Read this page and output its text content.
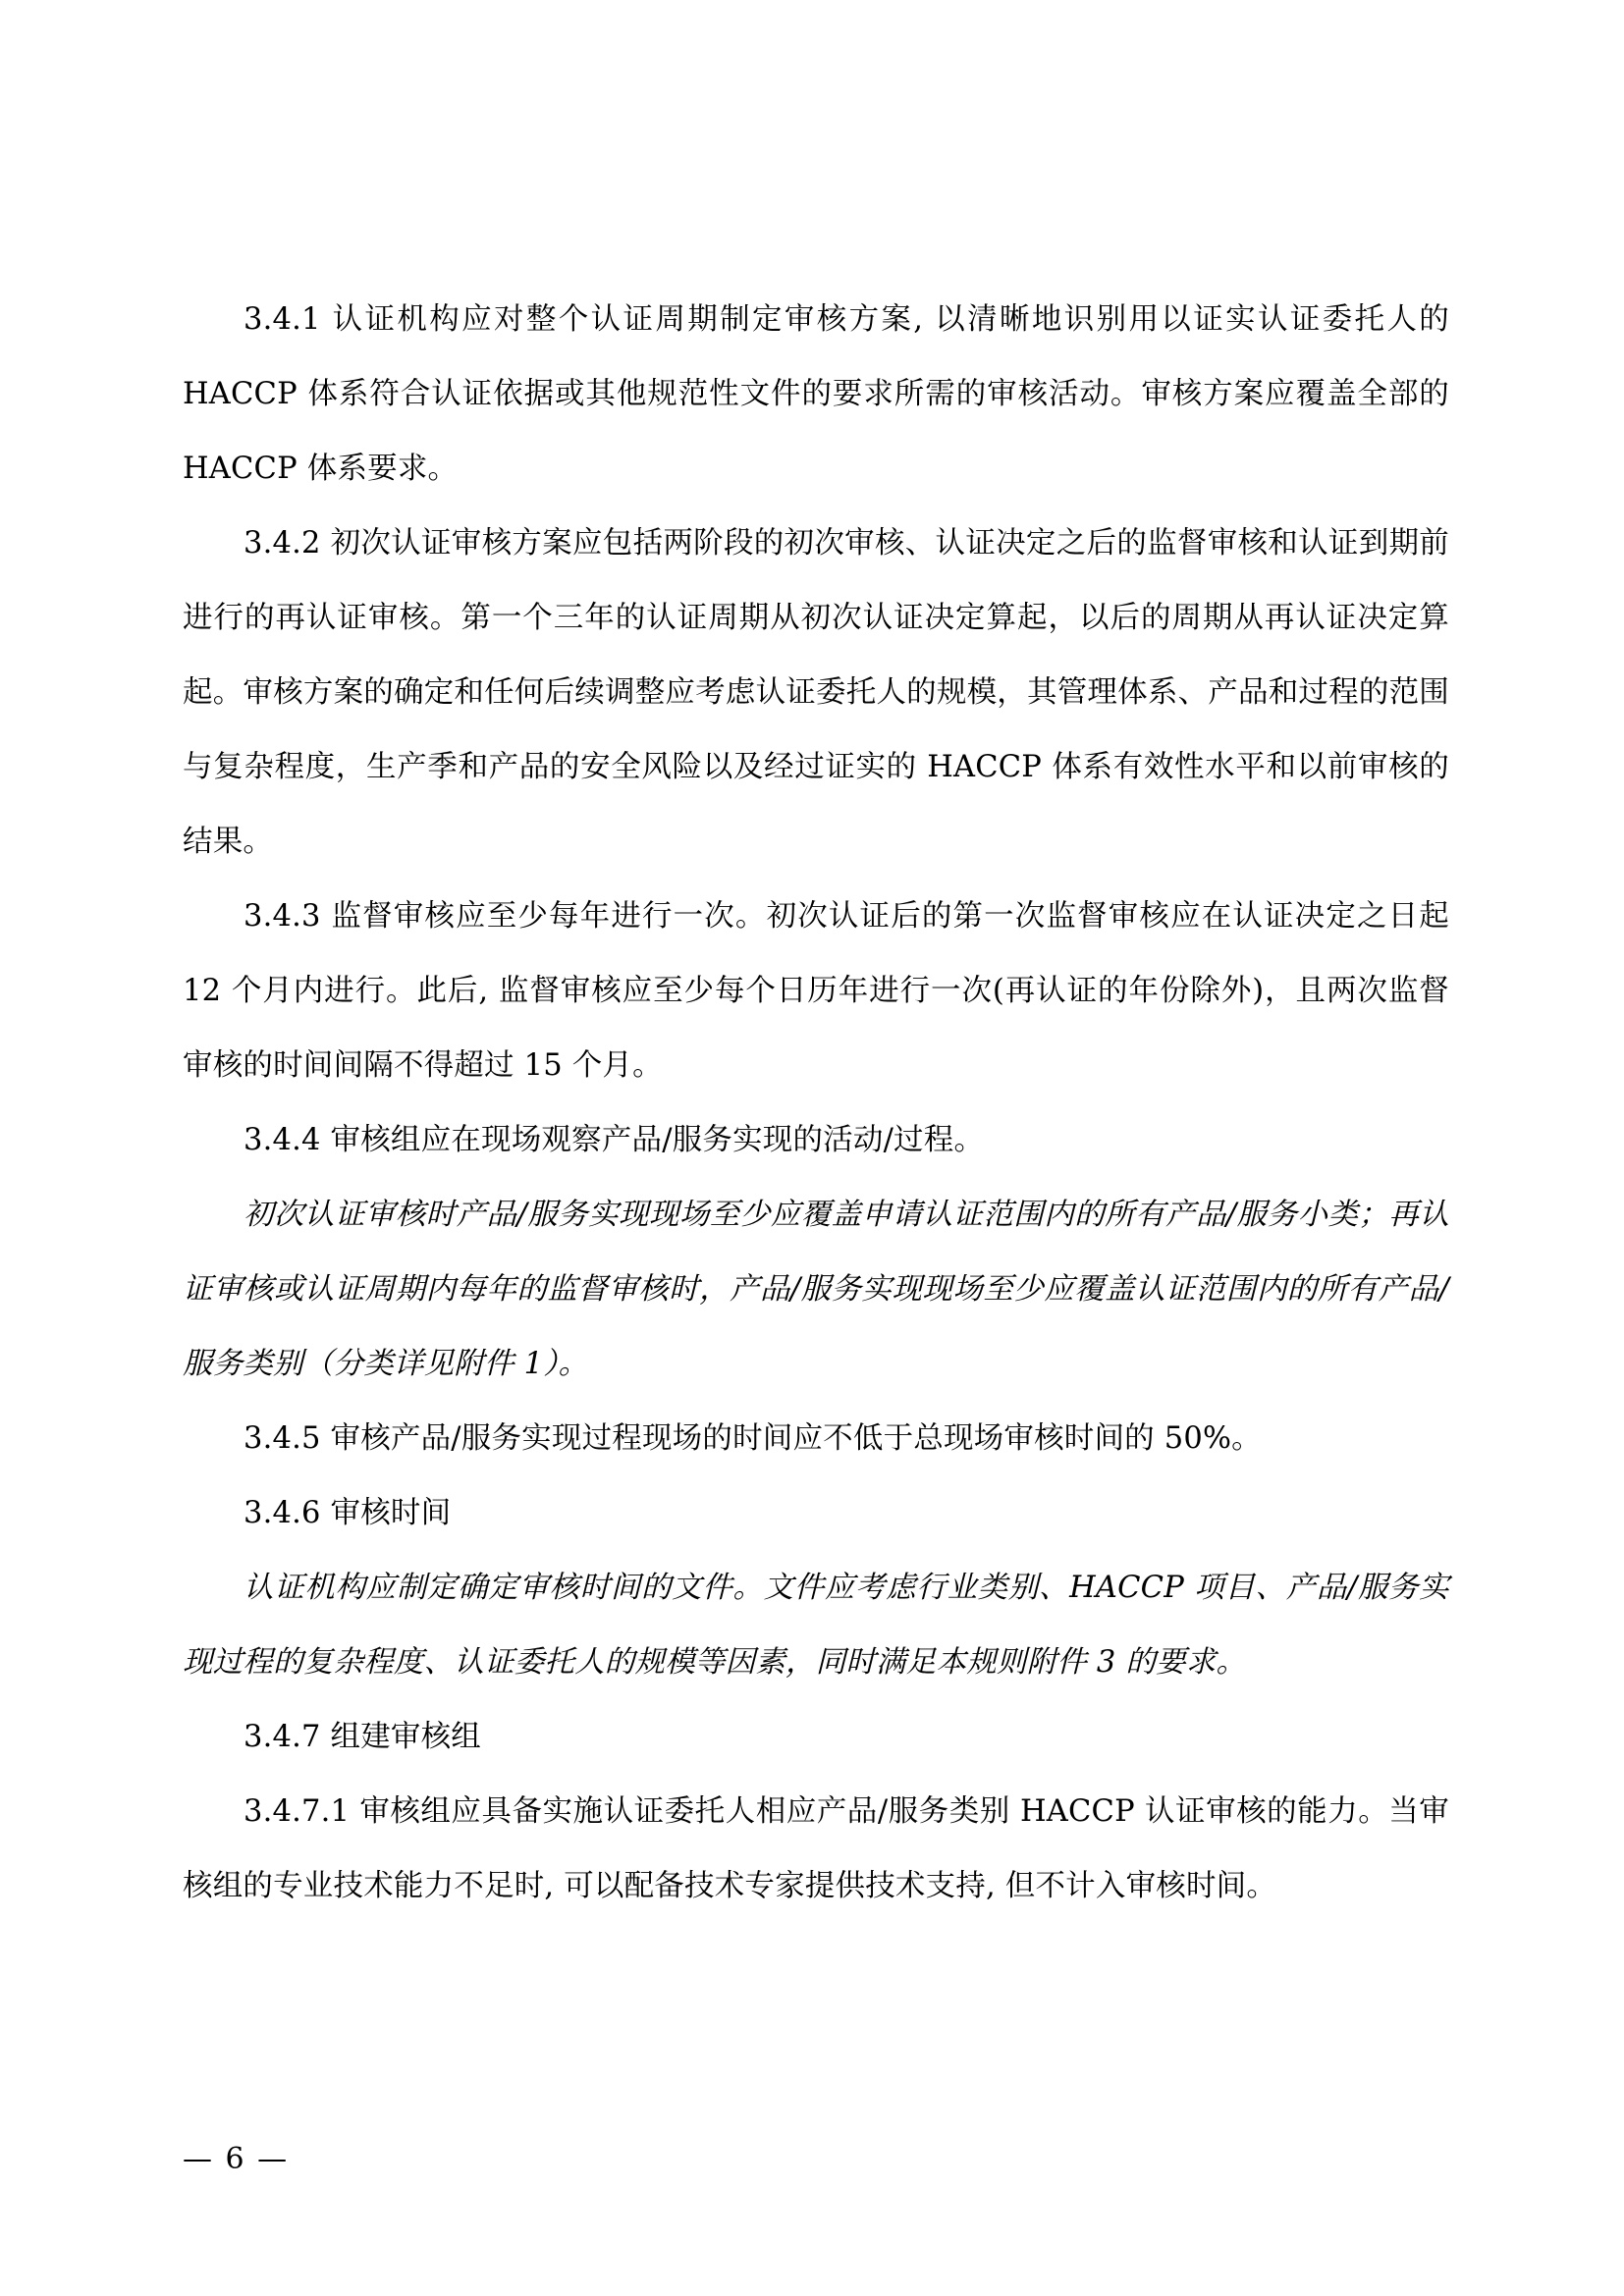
3.4.1 认证机构应对整个认证周期制定审核方案, 以清晰地识别用以证实认证委托人的 HACCP 体系符合认证依据或其他规范性文件的要求所需的审核活动。审核方案应覆盖全部的 HACCP 体系要求。

3.4.2 初次认证审核方案应包括两阶段的初次审核、认证决定之后的监督审核和认证到期前进行的再认证审核。第一个三年的认证周期从初次认证决定算起，以后的周期从再认证决定算起。审核方案的确定和任何后续调整应考虑认证委托人的规模，其管理体系、产品和过程的范围与复杂程度，生产季和产品的安全风险以及经过证实的 HACCP 体系有效性水平和以前审核的结果。

3.4.3 监督审核应至少每年进行一次。初次认证后的第一次监督审核应在认证决定之日起 12 个月内进行。此后, 监督审核应至少每个日历年进行一次(再认证的年份除外)，且两次监督审核的时间间隔不得超过 15 个月。

3.4.4 审核组应在现场观察产品/服务实现的活动/过程。

初次认证审核时产品/服务实现现场至少应覆盖申请认证范围内的所有产品/服务小类；再认证审核或认证周期内每年的监督审核时，产品/服务实现现场至少应覆盖认证范围内的所有产品/服务类别（分类详见附件 1）。

3.4.5 审核产品/服务实现过程现场的时间应不低于总现场审核时间的 50%。

3.4.6 审核时间

认证机构应制定确定审核时间的文件。文件应考虑行业类别、HACCP 项目、产品/服务实现过程的复杂程度、认证委托人的规模等因素，同时满足本规则附件 3 的要求。

3.4.7 组建审核组

3.4.7.1 审核组应具备实施认证委托人相应产品/服务类别 HACCP 认证审核的能力。当审核组的专业技术能力不足时, 可以配备技术专家提供技术支持, 但不计入审核时间。

— 6 —
